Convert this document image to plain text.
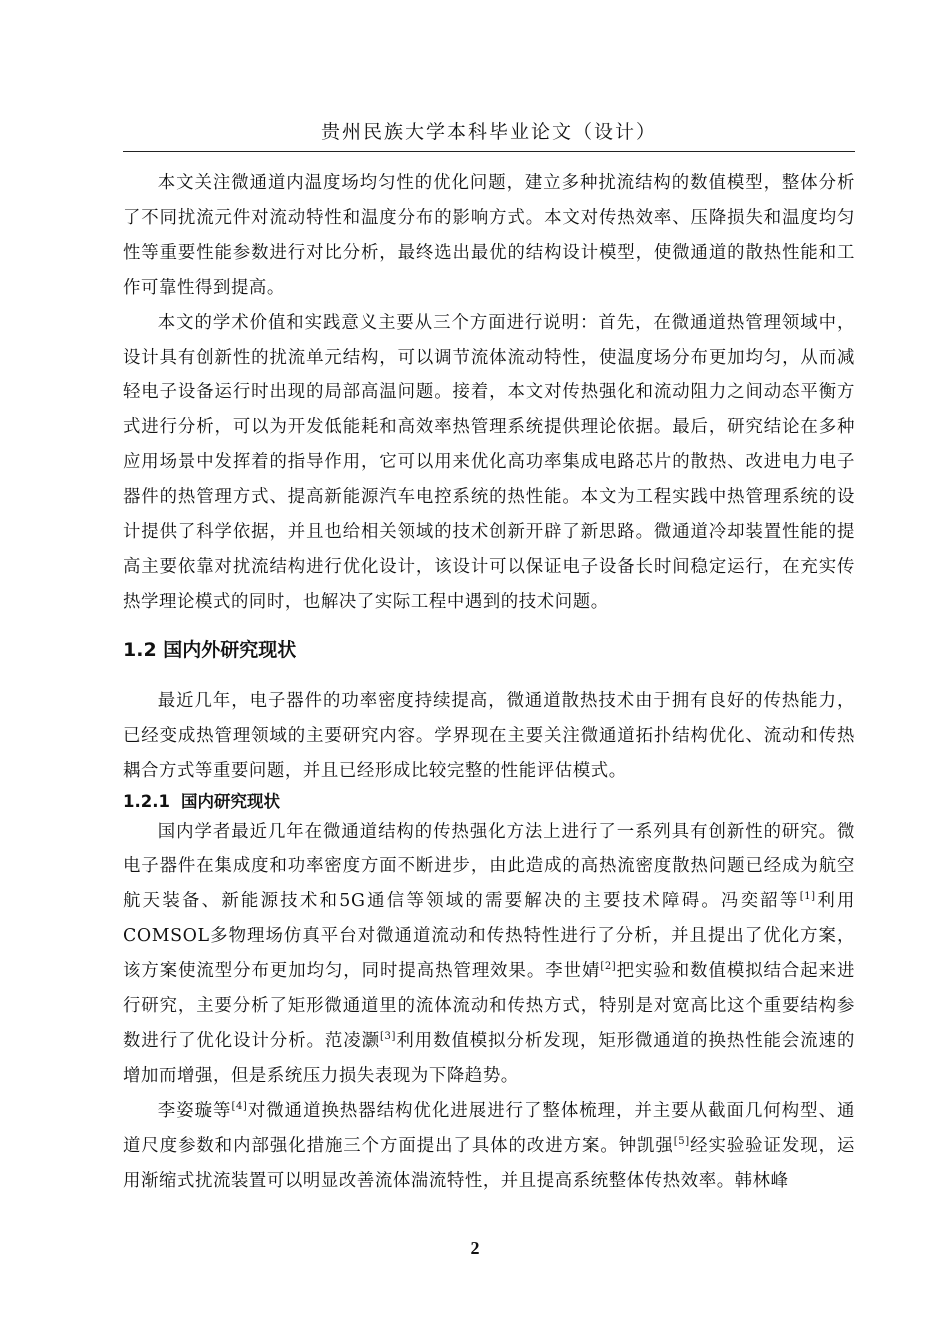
贵州民族大学本科毕业论文（设计）

本文关注微通道内温度场均匀性的优化问题，建立多种扰流结构的数值模型，整体分析了不同扰流元件对流动特性和温度分布的影响方式。本文对传热效率、压降损失和温度均匀性等重要性能参数进行对比分析，最终选出最优的结构设计模型，使微通道的散热性能和工作可靠性得到提高。

本文的学术价值和实践意义主要从三个方面进行说明：首先，在微通道热管理领域中，设计具有创新性的扰流单元结构，可以调节流体流动特性，使温度场分布更加均匀，从而减轻电子设备运行时出现的局部高温问题。接着，本文对传热强化和流动阻力之间动态平衡方式进行分析，可以为开发低能耗和高效率热管理系统提供理论依据。最后，研究结论在多种应用场景中发挥着的指导作用，它可以用来优化高功率集成电路芯片的散热、改进电力电子器件的热管理方式、提高新能源汽车电控系统的热性能。本文为工程实践中热管理系统的设计提供了科学依据，并且也给相关领域的技术创新开辟了新思路。微通道冷却装置性能的提高主要依靠对扰流结构进行优化设计，该设计可以保证电子设备长时间稳定运行，在充实传热学理论模式的同时，也解决了实际工程中遇到的技术问题。

1.2 国内外研究现状

最近几年，电子器件的功率密度持续提高，微通道散热技术由于拥有良好的传热能力，已经变成热管理领域的主要研究内容。学界现在主要关注微通道拓扑结构优化、流动和传热耦合方式等重要问题，并且已经形成比较完整的性能评估模式。

1.2.1 国内研究现状

国内学者最近几年在微通道结构的传热强化方法上进行了一系列具有创新性的研究。微电子器件在集成度和功率密度方面不断进步，由此造成的高热流密度散热问题已经成为航空航天装备、新能源技术和5G通信等领域的需要解决的主要技术障碍。冯奕韶等[1]利用COMSOL多物理场仿真平台对微通道流动和传热特性进行了分析，并且提出了优化方案，该方案使流型分布更加均匀，同时提高热管理效果。李世婧[2]把实验和数值模拟结合起来进行研究，主要分析了矩形微通道里的流体流动和传热方式，特别是对宽高比这个重要结构参数进行了优化设计分析。范凌灏[3]利用数值模拟分析发现，矩形微通道的换热性能会流速的增加而增强，但是系统压力损失表现为下降趋势。

李姿璇等[4]对微通道换热器结构优化进展进行了整体梳理，并主要从截面几何构型、通道尺度参数和内部强化措施三个方面提出了具体的改进方案。钟凯强[5]经实验验证发现，运用渐缩式扰流装置可以明显改善流体湍流特性，并且提高系统整体传热效率。韩林峰

2
